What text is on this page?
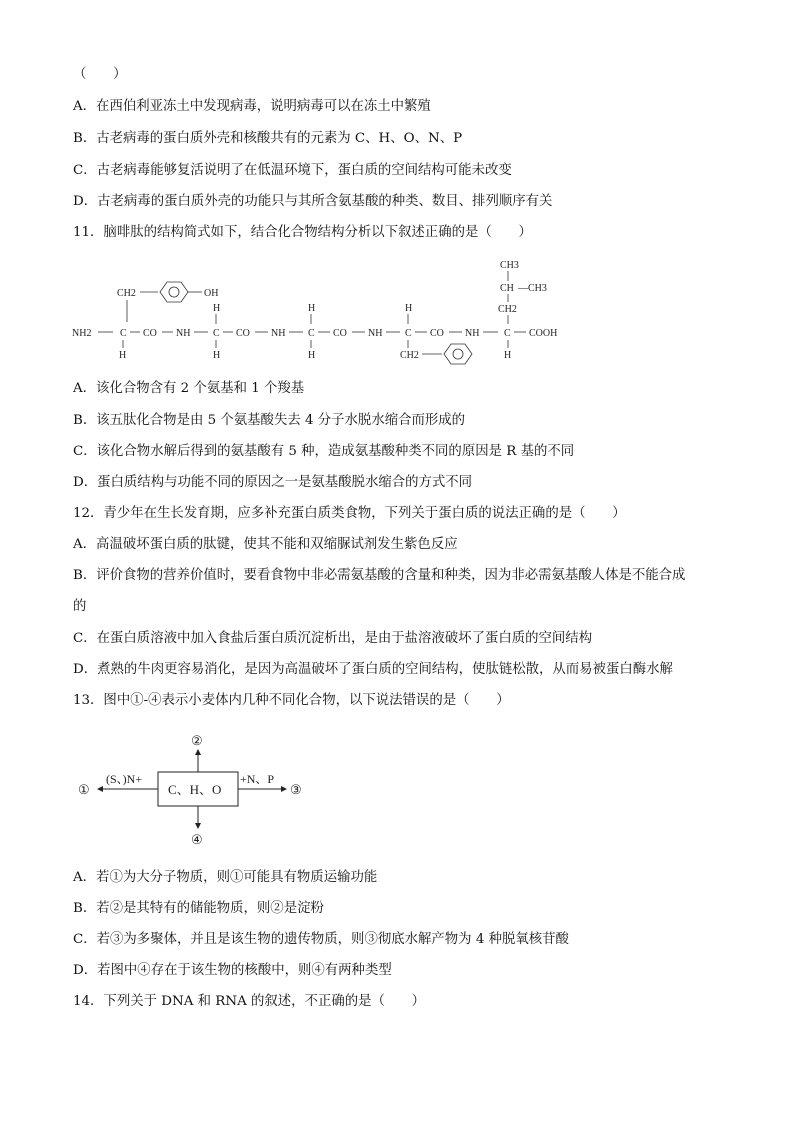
（　　）
A．在西伯利亚冻土中发现病毒，说明病毒可以在冻土中繁殖
B．古老病毒的蛋白质外壳和核酸共有的元素为 C、H、O、N、P
C．古老病毒能够复活说明了在低温环境下，蛋白质的空间结构可能未改变
D．古老病毒的蛋白质外壳的功能只与其所含氨基酸的种类、数目、排列顺序有关
11．脑啡肽的结构简式如下，结合化合物结构分析以下叙述正确的是（　　）
CH2	OH
CH3
CH —CH3
CH2
H	H	H
NH2	C CO NH C CO NH C CO NH C CO NH C COOH
H	H	H	H
CH2
A．该化合物含有 2 个氨基和 1 个羧基
B．该五肽化合物是由 5 个氨基酸失去 4 分子水脱水缩合而形成的
C．该化合物水解后得到的氨基酸有 5 种，造成氨基酸种类不同的原因是 R 基的不同
D．蛋白质结构与功能不同的原因之一是氨基酸脱水缩合的方式不同
12．青少年在生长发育期，应多补充蛋白质类食物，下列关于蛋白质的说法正确的是（　　）
A．高温破坏蛋白质的肽键，使其不能和双缩脲试剂发生紫色反应
B．评价食物的营养价值时，要看食物中非必需氨基酸的含量和种类，因为非必需氨基酸人体是不能合成
的
C．在蛋白质溶液中加入食盐后蛋白质沉淀析出，是由于盐溶液破坏了蛋白质的空间结构
D．煮熟的牛肉更容易消化，是因为高温破坏了蛋白质的空间结构，使肽链松散，从而易被蛋白酶水解
13．图中①-④表示小麦体内几种不同化合物，以下说法错误的是（　　）
C、H、O
(S、)N+	+N、P
①
②
③
④
A．若①为大分子物质，则①可能具有物质运输功能
B．若②是其特有的储能物质，则②是淀粉
C．若③为多聚体，并且是该生物的遗传物质，则③彻底水解产物为 4 种脱氧核苷酸
D．若图中④存在于该生物的核酸中，则④有两种类型
14．下列关于 DNA 和 RNA 的叙述，不正确的是（　　）
